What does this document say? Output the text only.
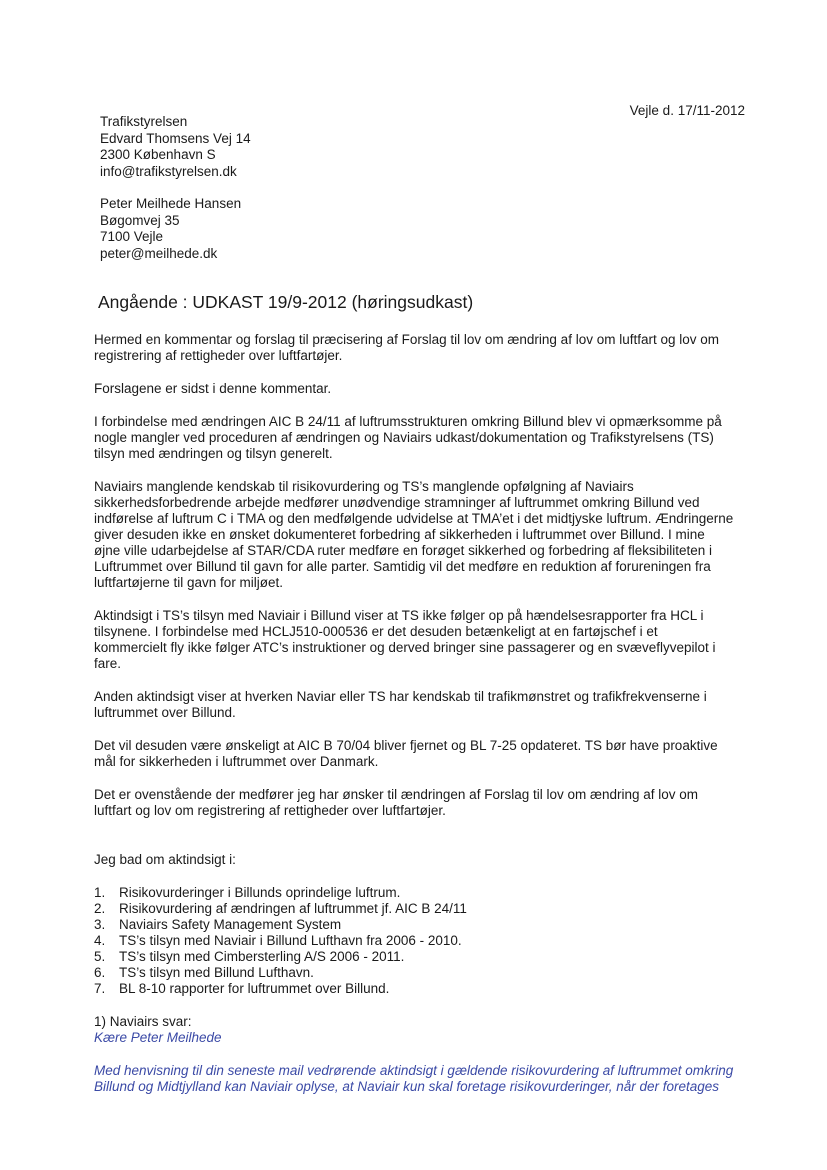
Vejle d. 17/11-2012
Trafikstyrelsen
Edvard Thomsens Vej 14
2300 København S
info@trafikstyrelsen.dk
Peter Meilhede Hansen
Bøgomvej 35
7100 Vejle
peter@meilhede.dk
Angående : UDKAST 19/9-2012 (høringsudkast)

Hermed en kommentar og forslag til præcisering af Forslag til lov om ændring af lov om luftfart og lov om registrering af rettigheder over luftfartøjer.

Forslagene er sidst i denne kommentar.

I forbindelse med ændringen AIC B 24/11 af luftrumsstrukturen omkring Billund blev vi opmærksomme på nogle mangler ved proceduren af ændringen og Naviairs udkast/dokumentation og Trafikstyrelsens (TS) tilsyn med ændringen og tilsyn generelt.

Naviairs manglende kendskab til risikovurdering og TS’s manglende opfølgning af Naviairs sikkerhedsforbedrende arbejde medfører unødvendige stramninger af luftrummet omkring Billund ved indførelse af luftrum C i TMA og den medfølgende udvidelse at TMA’et i det midtjyske luftrum. Ændringerne giver desuden ikke en ønsket dokumenteret forbedring af sikkerheden i luftrummet over Billund. I mine øjne ville udarbejdelse af STAR/CDA ruter medføre en forøget sikkerhed og forbedring af fleksibiliteten i Luftrummet over Billund til gavn for alle parter. Samtidig vil det medføre en reduktion af forureningen fra luftfartøjerne til gavn for miljøet.

Aktindsigt i TS’s tilsyn med Naviair i Billund viser at TS ikke følger op på hændelsesrapporter fra HCL i tilsynene. I forbindelse med HCLJ510-000536 er det desuden betænkeligt at en fartøjschef i et kommercielt fly ikke følger ATC’s instruktioner og derved bringer sine passagerer og en svæveflyvepilot i fare.

Anden aktindsigt viser at hverken Naviar eller TS har kendskab til trafikmønstret og trafikfrekvenserne i luftrummet over Billund.

Det vil desuden være ønskeligt at AIC B 70/04 bliver fjernet og BL 7-25 opdateret. TS bør have proaktive mål for sikkerheden i luftrummet over Danmark.

Det er ovenstående der medfører jeg har ønsker til ændringen af Forslag til lov om ændring af lov om luftfart og lov om registrering af rettigheder over luftfartøjer.

Jeg bad om aktindsigt i:

1.	Risikovurderinger i Billunds oprindelige luftrum.
2.	Risikovurdering af ændringen af luftrummet jf. AIC B 24/11
3.	Naviairs Safety Management System
4.	TS’s tilsyn med Naviair i Billund Lufthavn fra 2006 - 2010.
5.	TS’s tilsyn med Cimbersterling A/S 2006 - 2011.
6.	TS’s tilsyn med Billund Lufthavn.
7.	BL 8-10 rapporter for luftrummet over Billund.
1) Naviairs svar:
Kære Peter Meilhede
Med henvisning til din seneste mail vedrørende aktindsigt i gældende risikovurdering af luftrummet omkring Billund og Midtjylland kan Naviair oplyse, at Naviair kun skal foretage risikovurderinger, når der foretages
